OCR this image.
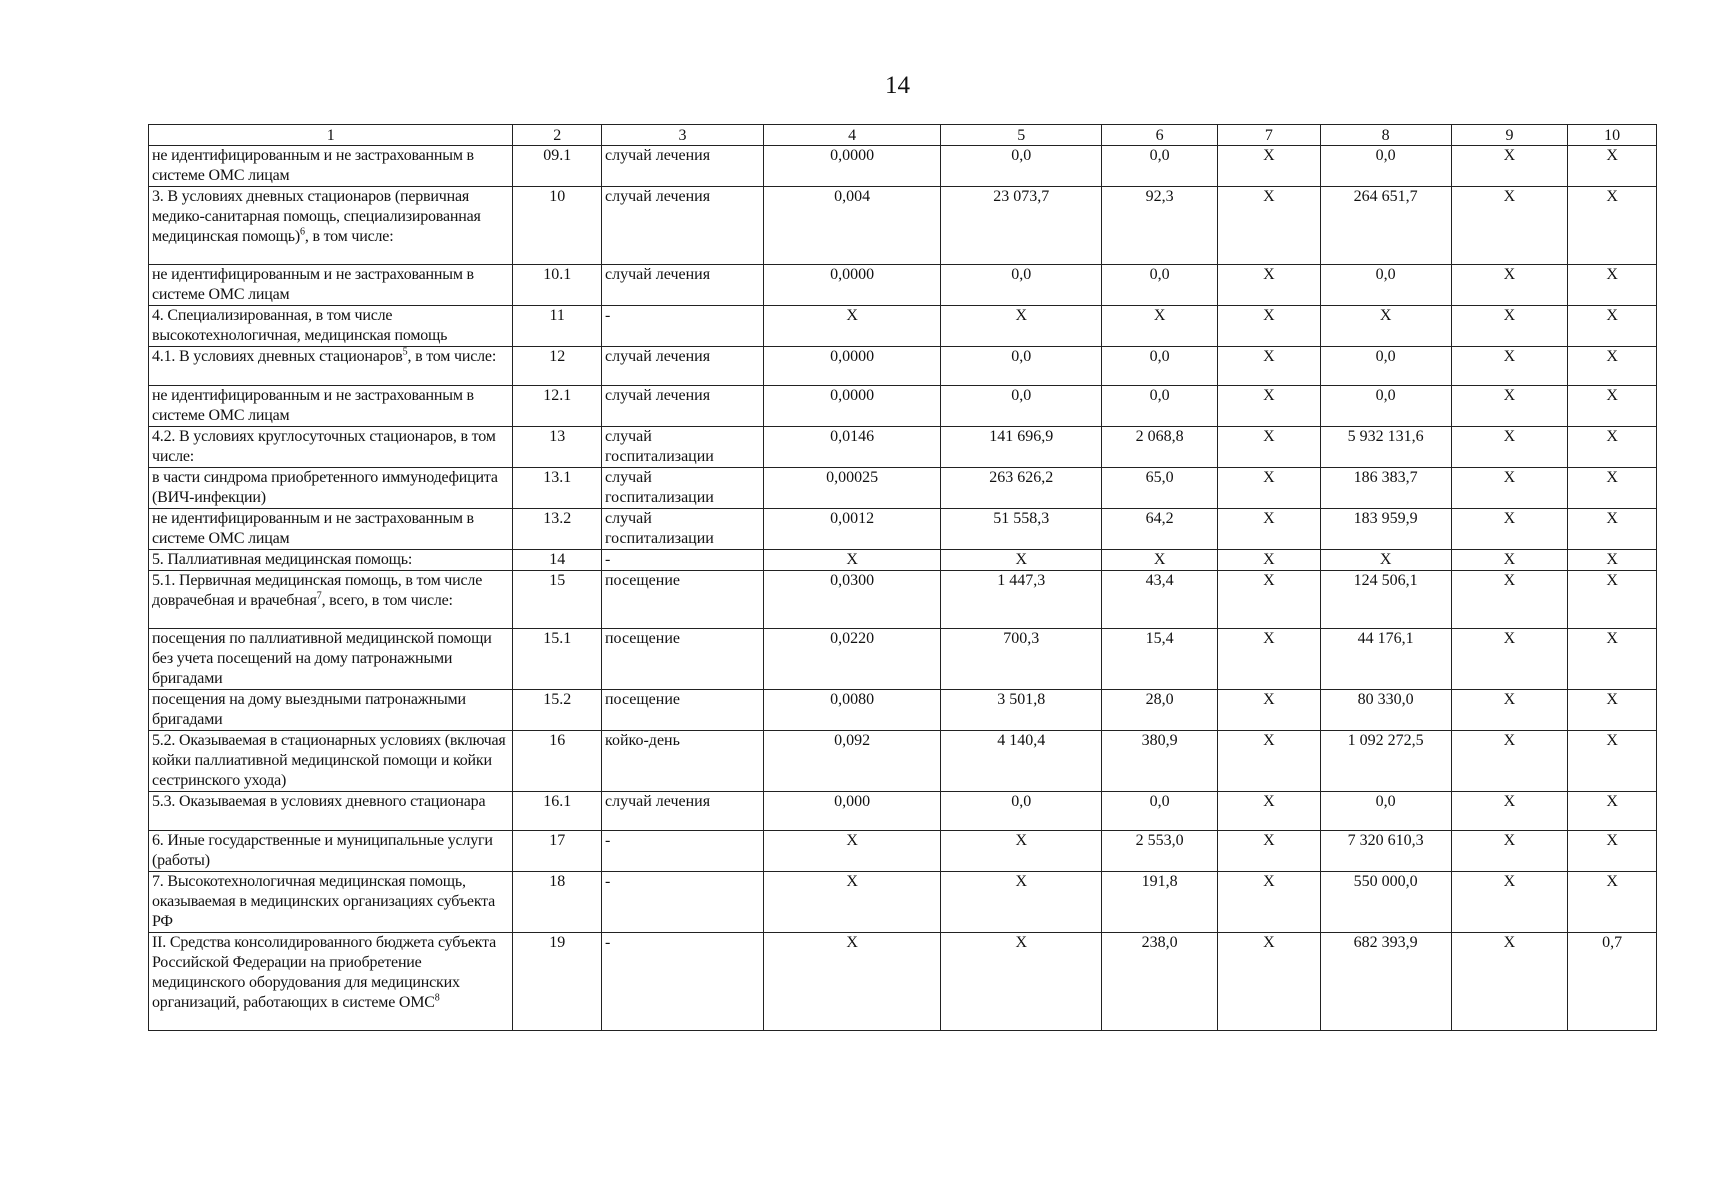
14
1	2	3	4	5	6	7	8	9	10
не идентифицированным и не застрахованным в системе ОМС лицам	09.1	случай лечения	0,0000	0,0	0,0	X	0,0	X	X
3. В условиях дневных стационаров (первичная медико-санитарная помощь, специализированная медицинская помощь)$^6$, в том числе:	10	случай лечения	0,004	23 073,7	92,3	X	264 651,7	X	X
не идентифицированным и не застрахованным в системе ОМС лицам	10.1	случай лечения	0,0000	0,0	0,0	X	0,0	X	X
4. Специализированная, в том числе высокотехнологичная, медицинская помощь	11	-	X	X	X	X	X	X	X
4.1. В условиях дневных стационаров$^5$, в том числе:	12	случай лечения	0,0000	0,0	0,0	X	0,0	X	X
не идентифицированным и не застрахованным в системе ОМС лицам	12.1	случай лечения	0,0000	0,0	0,0	X	0,0	X	X
4.2. В условиях круглосуточных стационаров, в том числе:	13	случай госпитализации	0,0146	141 696,9	2 068,8	X	5 932 131,6	X	X
в части синдрома приобретенного иммунодефицита (ВИЧ-инфекции)	13.1	случай госпитализации	0,00025	263 626,2	65,0	X	186 383,7	X	X
не идентифицированным и не застрахованным в системе ОМС лицам	13.2	случай госпитализации	0,0012	51 558,3	64,2	X	183 959,9	X	X
5. Паллиативная медицинская помощь:	14	-	X	X	X	X	X	X	X
5.1. Первичная медицинская помощь, в том числе доврачебная и врачебная$^7$, всего, в том числе:	15	посещение	0,0300	1 447,3	43,4	X	124 506,1	X	X
посещения по паллиативной медицинской помощи без учета посещений на дому патронажными бригадами	15.1	посещение	0,0220	700,3	15,4	X	44 176,1	X	X
посещения на дому выездными патронажными бригадами	15.2	посещение	0,0080	3 501,8	28,0	X	80 330,0	X	X
5.2. Оказываемая в стационарных условиях (включая койки паллиативной медицинской помощи и койки сестринского ухода)	16	койко-день	0,092	4 140,4	380,9	X	1 092 272,5	X	X
5.3. Оказываемая в условиях дневного стационара	16.1	случай лечения	0,000	0,0	0,0	X	0,0	X	X
6. Иные государственные и муниципальные услуги (работы)	17	-	X	X	2 553,0	X	7 320 610,3	X	X
7. Высокотехнологичная медицинская помощь, оказываемая в медицинских организациях субъекта РФ	18	-	X	X	191,8	X	550 000,0	X	X
II. Средства консолидированного бюджета субъекта Российской Федерации на приобретение медицинского оборудования для медицинских организаций, работающих в системе ОМС$^8$	19	-	X	X	238,0	X	682 393,9	X	0,7
